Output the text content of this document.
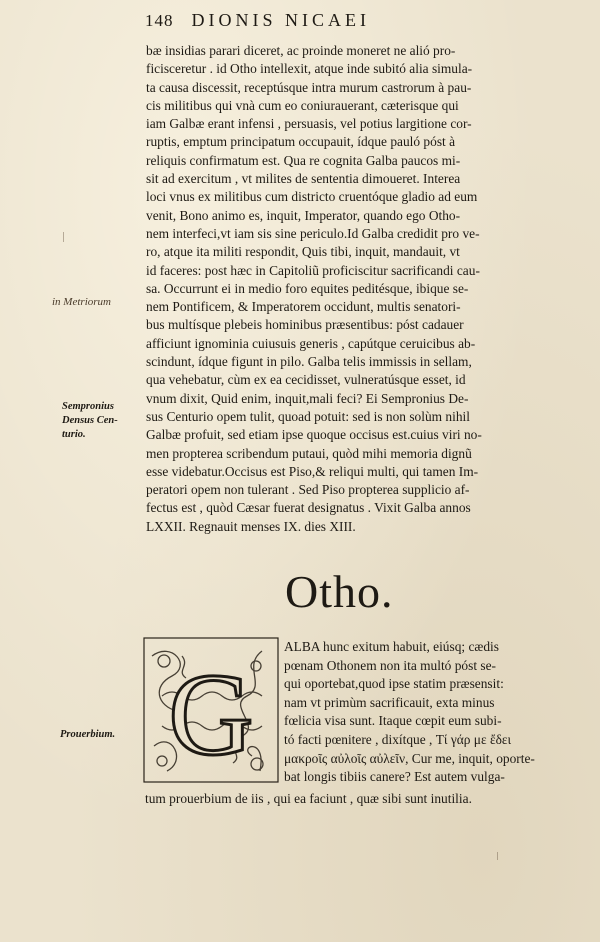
148 DIONIS NICAEI
bæ insidias parari diceret, ac proinde moneret ne alió pro-
ficisceretur . id Otho intellexit, atque inde subitó alia simula-
ta causa discessit, receptúsque intra murum castrorum à pau-
cis militibus qui vnà cum eo coniurauerant, cæterisque qui
iam Galbæ erant infensi , persuasis, vel potius largitione cor-
ruptis, emptum principatum occupauit, ídque pauló póst à
reliquis confirmatum est. Qua re cognita Galba paucos mi-
sit ad exercitum , vt milites de sententia dimoueret. Interea
loci vnus ex militibus cum districto cruentóque gladio ad eum
venit, Bono animo es, inquit, Imperator, quando ego Otho-
nem interfeci,vt iam sis sine periculo.Id Galba credidit pro ve-
ro, atque ita militi respondit, Quis tibi, inquit, mandauit, vt
id faceres: post hæc in Capitoliũ proficiscitur sacrificandi cau-
sa. Occurrunt ei in medio foro equites peditésque, ibique se-
nem Pontificem, & Imperatorem occidunt, multis senatori-
bus multísque plebeis hominibus præsentibus: póst cadauer
afficiunt ignominia cuiusuis generis , capútque ceruicibus ab-
scindunt, ídque figunt in pilo. Galba telis immissis in sellam,
qua vehebatur, cùm ex ea cecidisset, vulneratúsque esset, id
vnum dixit, Quid enim, inquit,mali feci? Ei Sempronius De-
sus Centurio opem tulit, quoad potuit: sed is non solùm nihil
Galbæ profuit, sed etiam ipse quoque occisus est.cuius viri no-
men propterea scribendum putaui, quòd mihi memoria dignũ
esse videbatur.Occisus est Piso,& reliqui multi, qui tamen Im-
peratori opem non tulerant . Sed Piso propterea supplicio af-
fectus est , quòd Cæsar fuerat designatus . Vixit Galba annos
LXXII. Regnauit menses IX. dies XIII.
in Metriorum
Sempronius
Densus Cen-
turio.
Prouerbium.
Otho.
G
ALBA hunc exitum habuit, eiúsq; cædis
pœnam Othonem non ita multó póst se-
qui oportebat,quod ipse statim præsensit:
nam vt primùm sacrificauit, exta minus
fœlicia visa sunt. Itaque cœpit eum subi-
tó facti pœnitere , dixítque , Τί γάρ με ἔδει
μακροῖς αὐλοῖς αὐλεῖν, Cur me, inquit, oporte-
bat longis tibiis canere? Est autem vulga-
tum prouerbium de iis , qui ea faciunt , quæ sibi sunt inutilia.
